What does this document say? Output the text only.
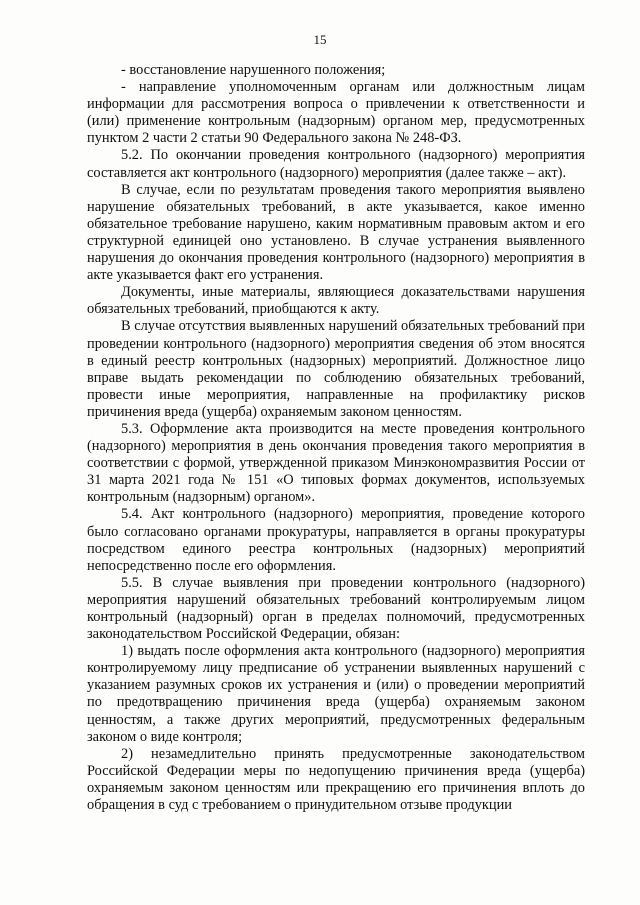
15

- восстановление нарушенного положения;

- направление уполномоченным органам или должностным лицам информации для рассмотрения вопроса о привлечении к ответственности и (или) применение контрольным (надзорным) органом мер, предусмотренных пунктом 2 части 2 статьи 90 Федерального закона № 248-ФЗ.

5.2. По окончании проведения контрольного (надзорного) мероприятия составляется акт контрольного (надзорного) мероприятия (далее также – акт).

В случае, если по результатам проведения такого мероприятия выявлено нарушение обязательных требований, в акте указывается, какое именно обязательное требование нарушено, каким нормативным правовым актом и его структурной единицей оно установлено. В случае устранения выявленного нарушения до окончания проведения контрольного (надзорного) мероприятия в акте указывается факт его устранения.

Документы, иные материалы, являющиеся доказательствами нарушения обязательных требований, приобщаются к акту.

В случае отсутствия выявленных нарушений обязательных требований при проведении контрольного (надзорного) мероприятия сведения об этом вносятся в единый реестр контрольных (надзорных) мероприятий. Должностное лицо вправе выдать рекомендации по соблюдению обязательных требований, провести иные мероприятия, направленные на профилактику рисков причинения вреда (ущерба) охраняемым законом ценностям.

5.3. Оформление акта производится на месте проведения контрольного (надзорного) мероприятия в день окончания проведения такого мероприятия в соответствии с формой, утвержденной приказом Минэкономразвития России от 31 марта 2021 года № 151 «О типовых формах документов, используемых контрольным (надзорным) органом».

5.4. Акт контрольного (надзорного) мероприятия, проведение которого было согласовано органами прокуратуры, направляется в органы прокуратуры посредством единого реестра контрольных (надзорных) мероприятий непосредственно после его оформления.

5.5. В случае выявления при проведении контрольного (надзорного) мероприятия нарушений обязательных требований контролируемым лицом контрольный (надзорный) орган в пределах полномочий, предусмотренных законодательством Российской Федерации, обязан:

1) выдать после оформления акта контрольного (надзорного) мероприятия контролируемому лицу предписание об устранении выявленных нарушений с указанием разумных сроков их устранения и (или) о проведении мероприятий по предотвращению причинения вреда (ущерба) охраняемым законом ценностям, а также других мероприятий, предусмотренных федеральным законом о виде контроля;

2) незамедлительно принять предусмотренные законодательством Российской Федерации меры по недопущению причинения вреда (ущерба) охраняемым законом ценностям или прекращению его причинения вплоть до обращения в суд с требованием о принудительном отзыве продукции
